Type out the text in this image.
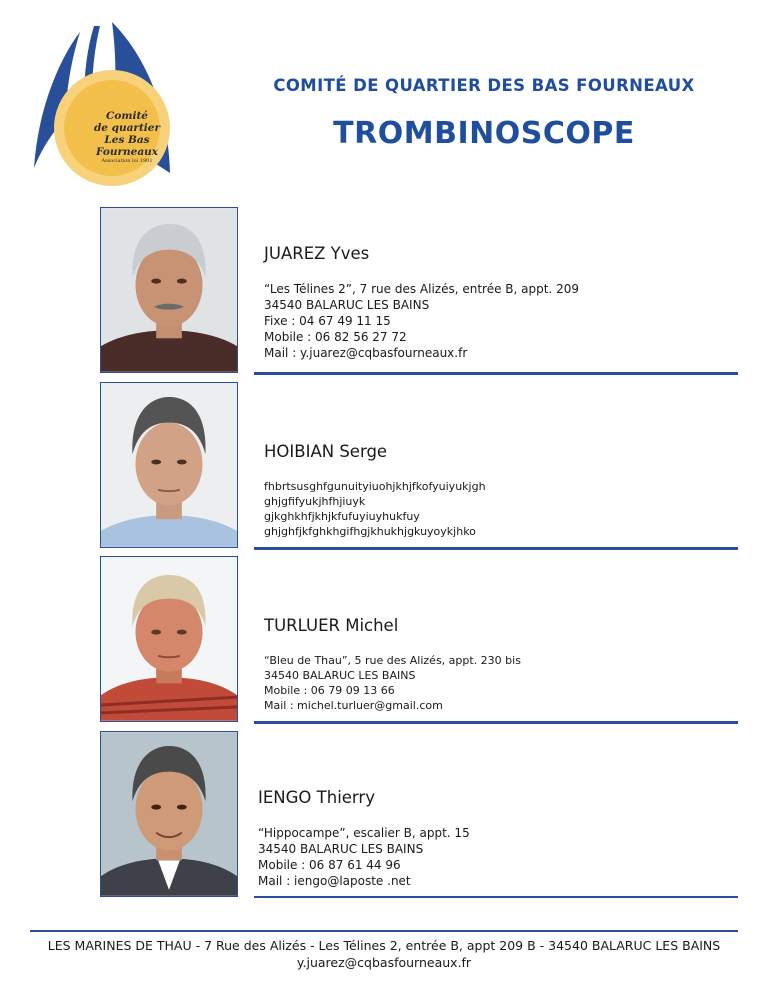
Comité
de quartier
Les Bas
Fourneaux
Association loi 1901
COMITÉ DE QUARTIER DES BAS FOURNEAUX
TROMBINOSCOPE
JUAREZ Yves
“Les Télines 2”, 7 rue des Alizés, entrée B, appt. 209
34540 BALARUC LES BAINS
Fixe : 04 67 49 11 15
Mobile : 06 82 56 27 72
Mail : y.juarez@cqbasfourneaux.fr
HOIBIAN Serge
fhbrtsusghfgunuityiuohjkhjfkofyuiyukjgh
ghjgfifyukjhfhjiuyk
gjkghkhfjkhjkfufuyiuyhukfuy
ghjghfjkfghkhgifhgjkhukhjgkuyoykjhko
TURLUER Michel
“Bleu de Thau”, 5 rue des Alizés, appt. 230 bis
34540 BALARUC LES BAINS
Mobile : 06 79 09 13 66
Mail : michel.turluer@gmail.com
IENGO Thierry
“Hippocampe”, escalier B, appt. 15
34540 BALARUC LES BAINS
Mobile : 06 87 61 44 96
Mail : iengo@laposte .net
LES MARINES DE THAU - 7 Rue des Alizés - Les Télines 2, entrée B, appt 209 B - 34540 BALARUC LES BAINS
y.juarez@cqbasfourneaux.fr
